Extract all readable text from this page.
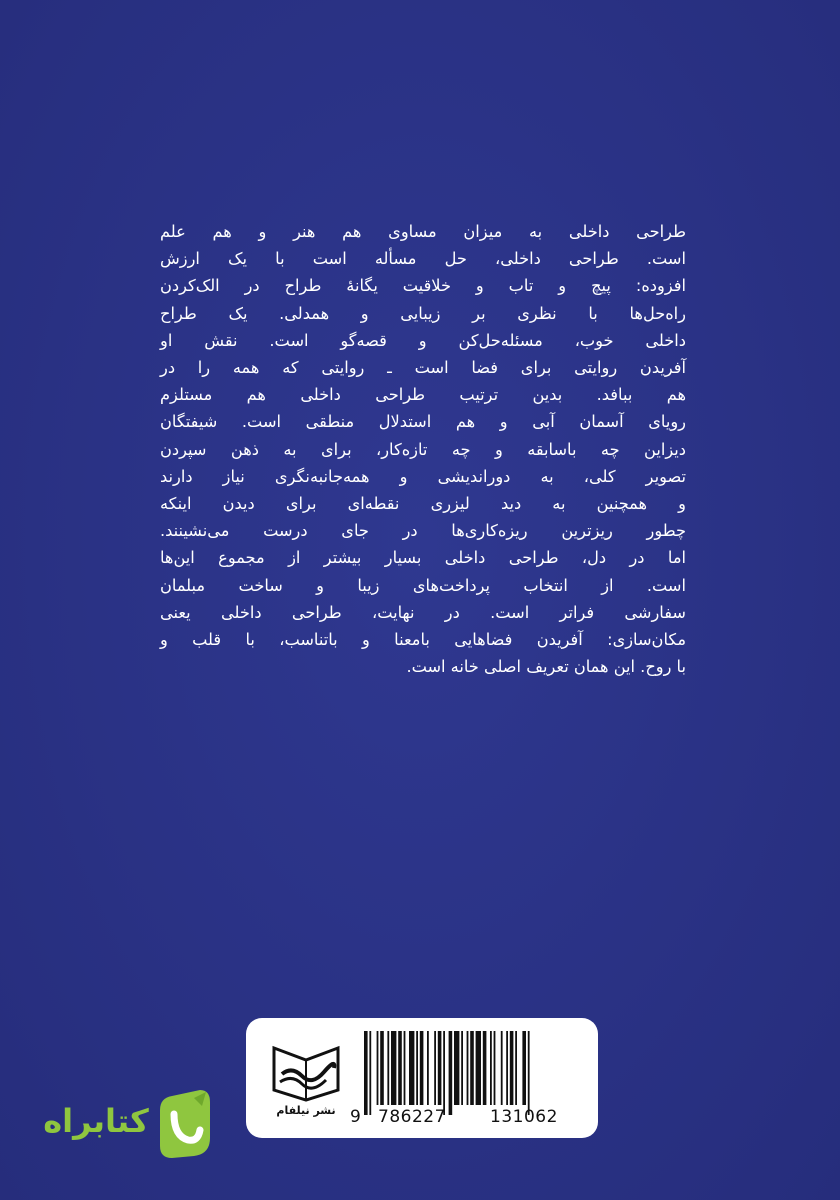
طراحی داخلی به میزان مساوی هم هنر و هم علم
است. طراحی داخلی، حل مسأله است با یک ارزش
افزوده: پیچ و تاب و خلاقیت یگانهٔ طراح در الک‌کردن
راه‌حل‌ها با نظری بر زیبایی و همدلی. یک طراح
داخلی خوب، مسئله‌حل‌کن و قصه‌گو است. نقش او
آفریدن روایتی برای فضا است ـ روایتی که همه را در
هم ببافد. بدین ترتیب طراحی داخلی هم مستلزم
رویای آسمان آبی و هم استدلال منطقی است. شیفتگان
دیزاین چه باسابقه و چه تازه‌کار، برای به ذهن سپردن
تصویر کلی، به دوراندیشی و همه‌جانبه‌نگری نیاز دارند
و همچنین به دید لیزری نقطه‌ای برای دیدن اینکه
چطور ریزترین ریزه‌کاری‌ها در جای درست می‌نشینند.
اما در دل، طراحی داخلی بسیار بیشتر از مجموع این‌ها
است. از انتخاب پرداخت‌های زیبا و ساخت مبلمان
سفارشی فراتر است. در نهایت، طراحی داخلی یعنی
مکان‌سازی: آفریدن فضاهایی بامعنا و باتناسب، با قلب و
با روح. این همان تعریف اصلی خانه است.
نشر نیلفام 9 786227	131062
کتابراه
